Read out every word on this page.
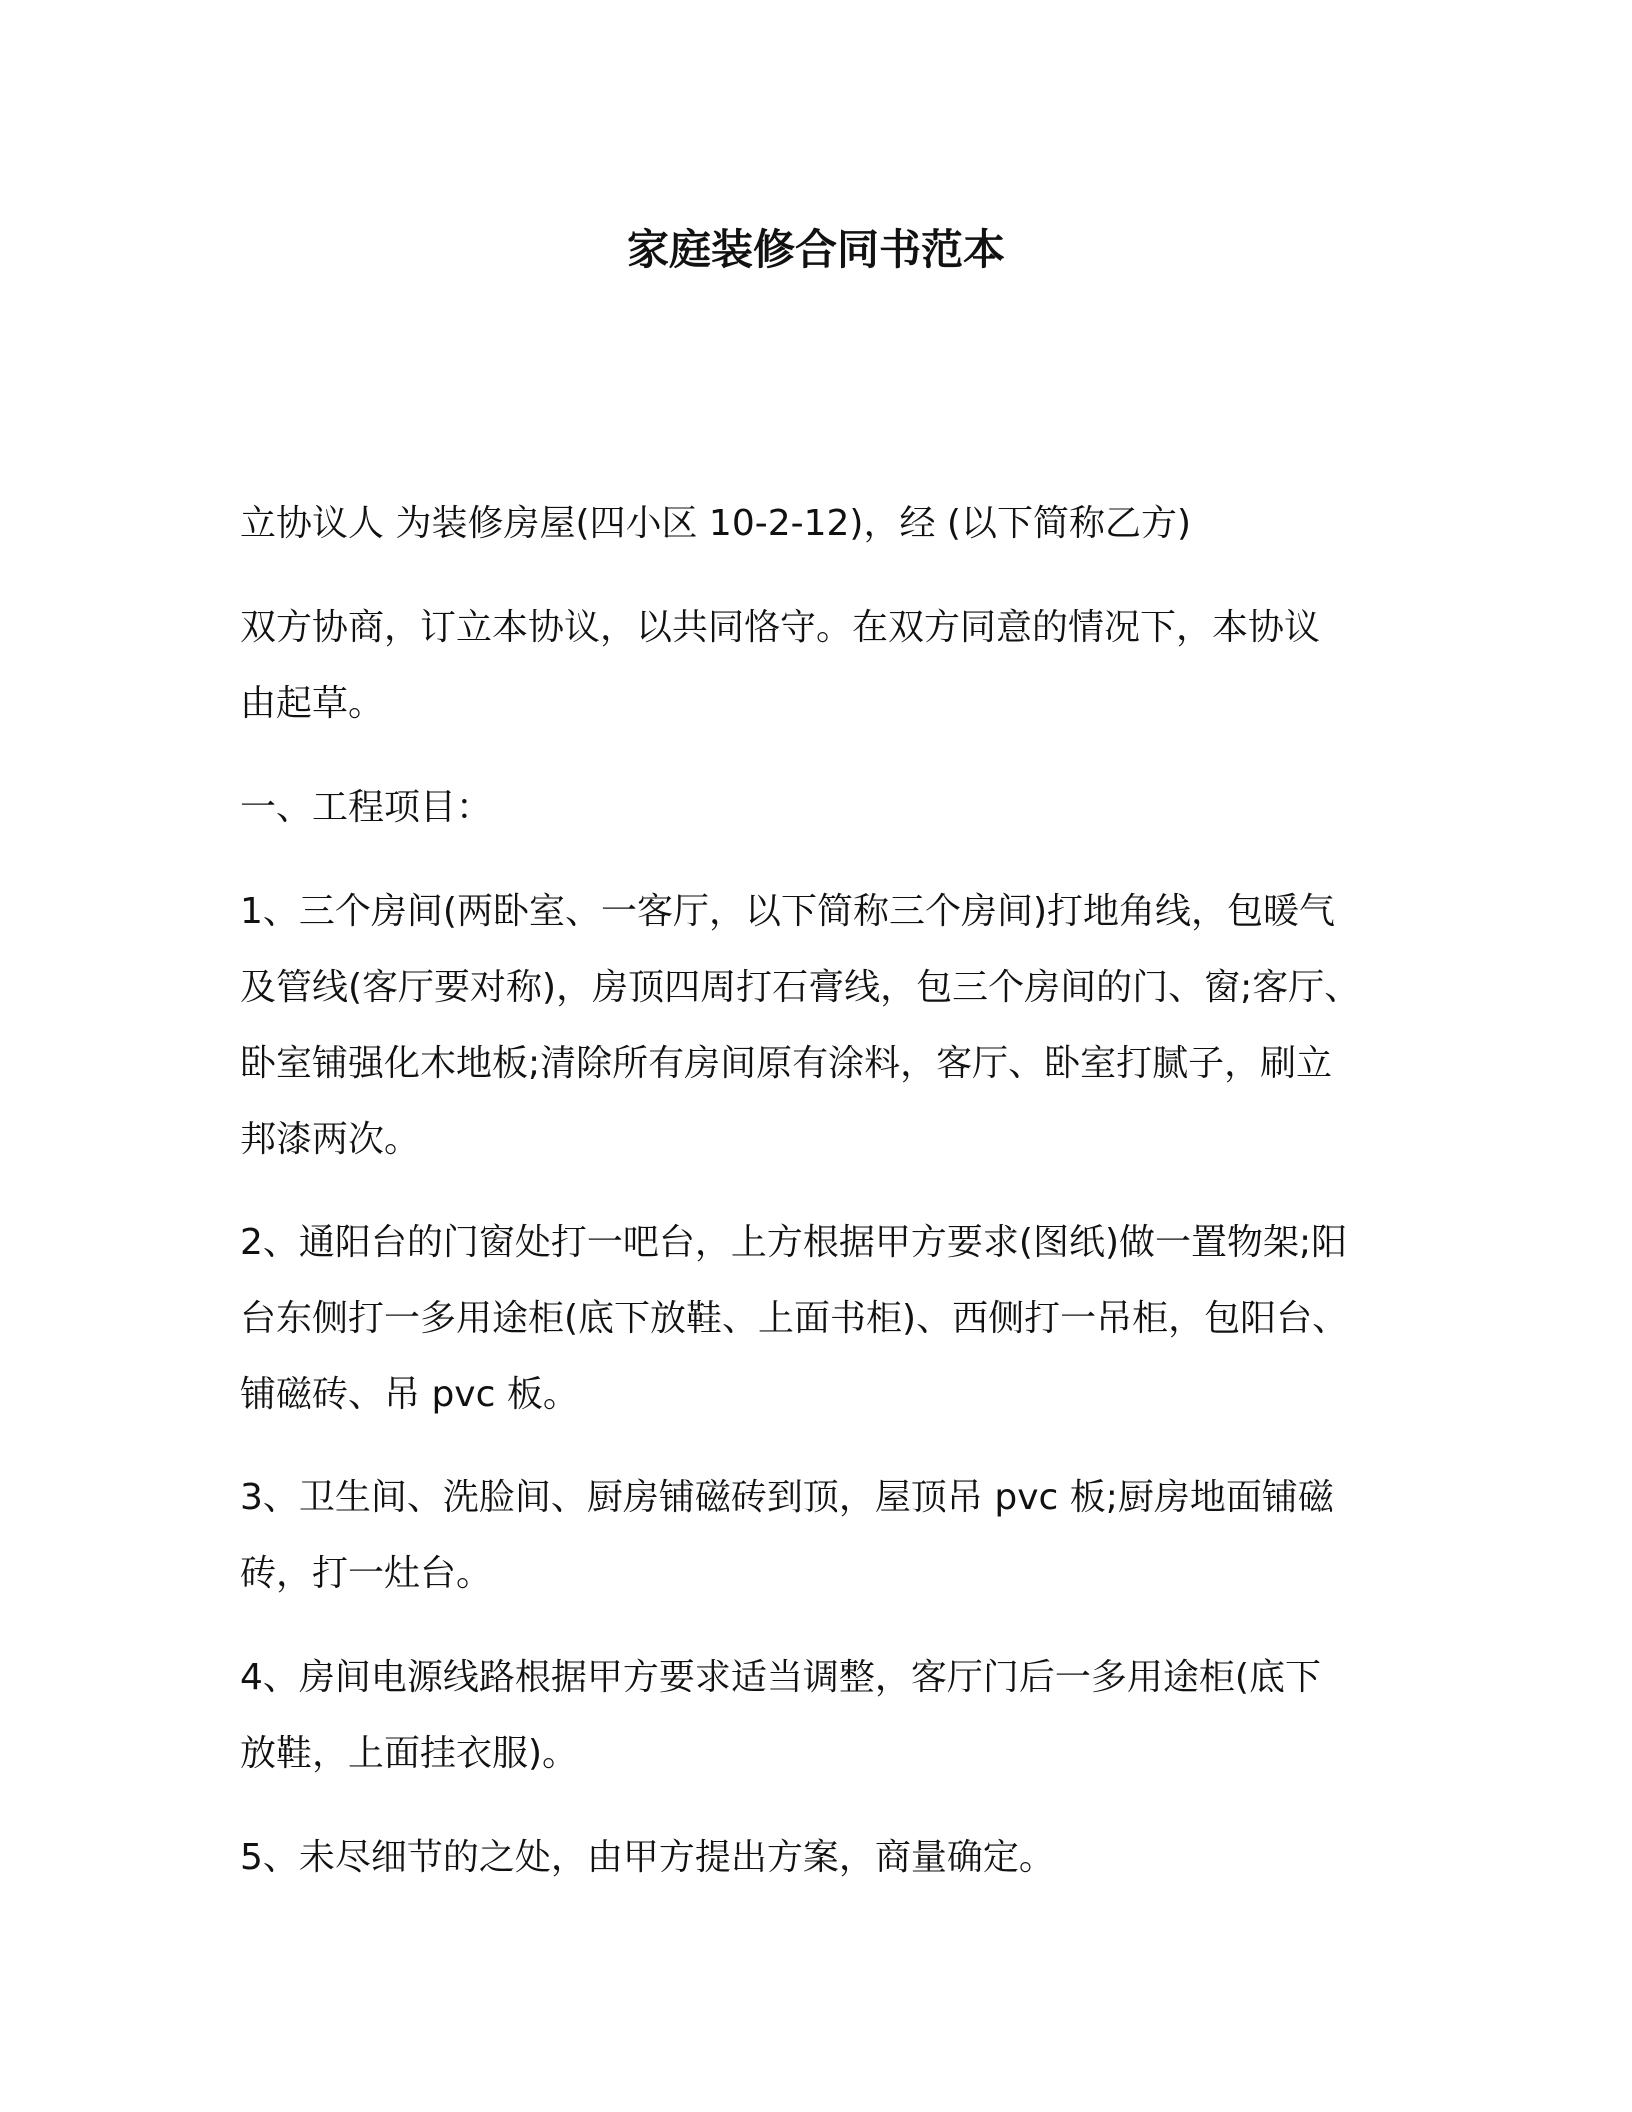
家庭装修合同书范本
立协议人 为装修房屋(四小区 10-2-12)，经 (以下简称乙方)
双方协商，订立本协议，以共同恪守。在双方同意的情况下，本协议
由起草。
一、工程项目：
1、三个房间(两卧室、一客厅，以下简称三个房间)打地角线，包暖气
及管线(客厅要对称)，房顶四周打石膏线，包三个房间的门、窗;客厅、
卧室铺强化木地板;清除所有房间原有涂料，客厅、卧室打腻子，刷立
邦漆两次。
2、通阳台的门窗处打一吧台，上方根据甲方要求(图纸)做一置物架;阳
台东侧打一多用途柜(底下放鞋、上面书柜)、西侧打一吊柜，包阳台、
铺磁砖、吊 pvc 板。
3、卫生间、洗脸间、厨房铺磁砖到顶，屋顶吊 pvc 板;厨房地面铺磁
砖，打一灶台。
4、房间电源线路根据甲方要求适当调整，客厅门后一多用途柜(底下
放鞋，上面挂衣服)。
5、未尽细节的之处，由甲方提出方案，商量确定。
